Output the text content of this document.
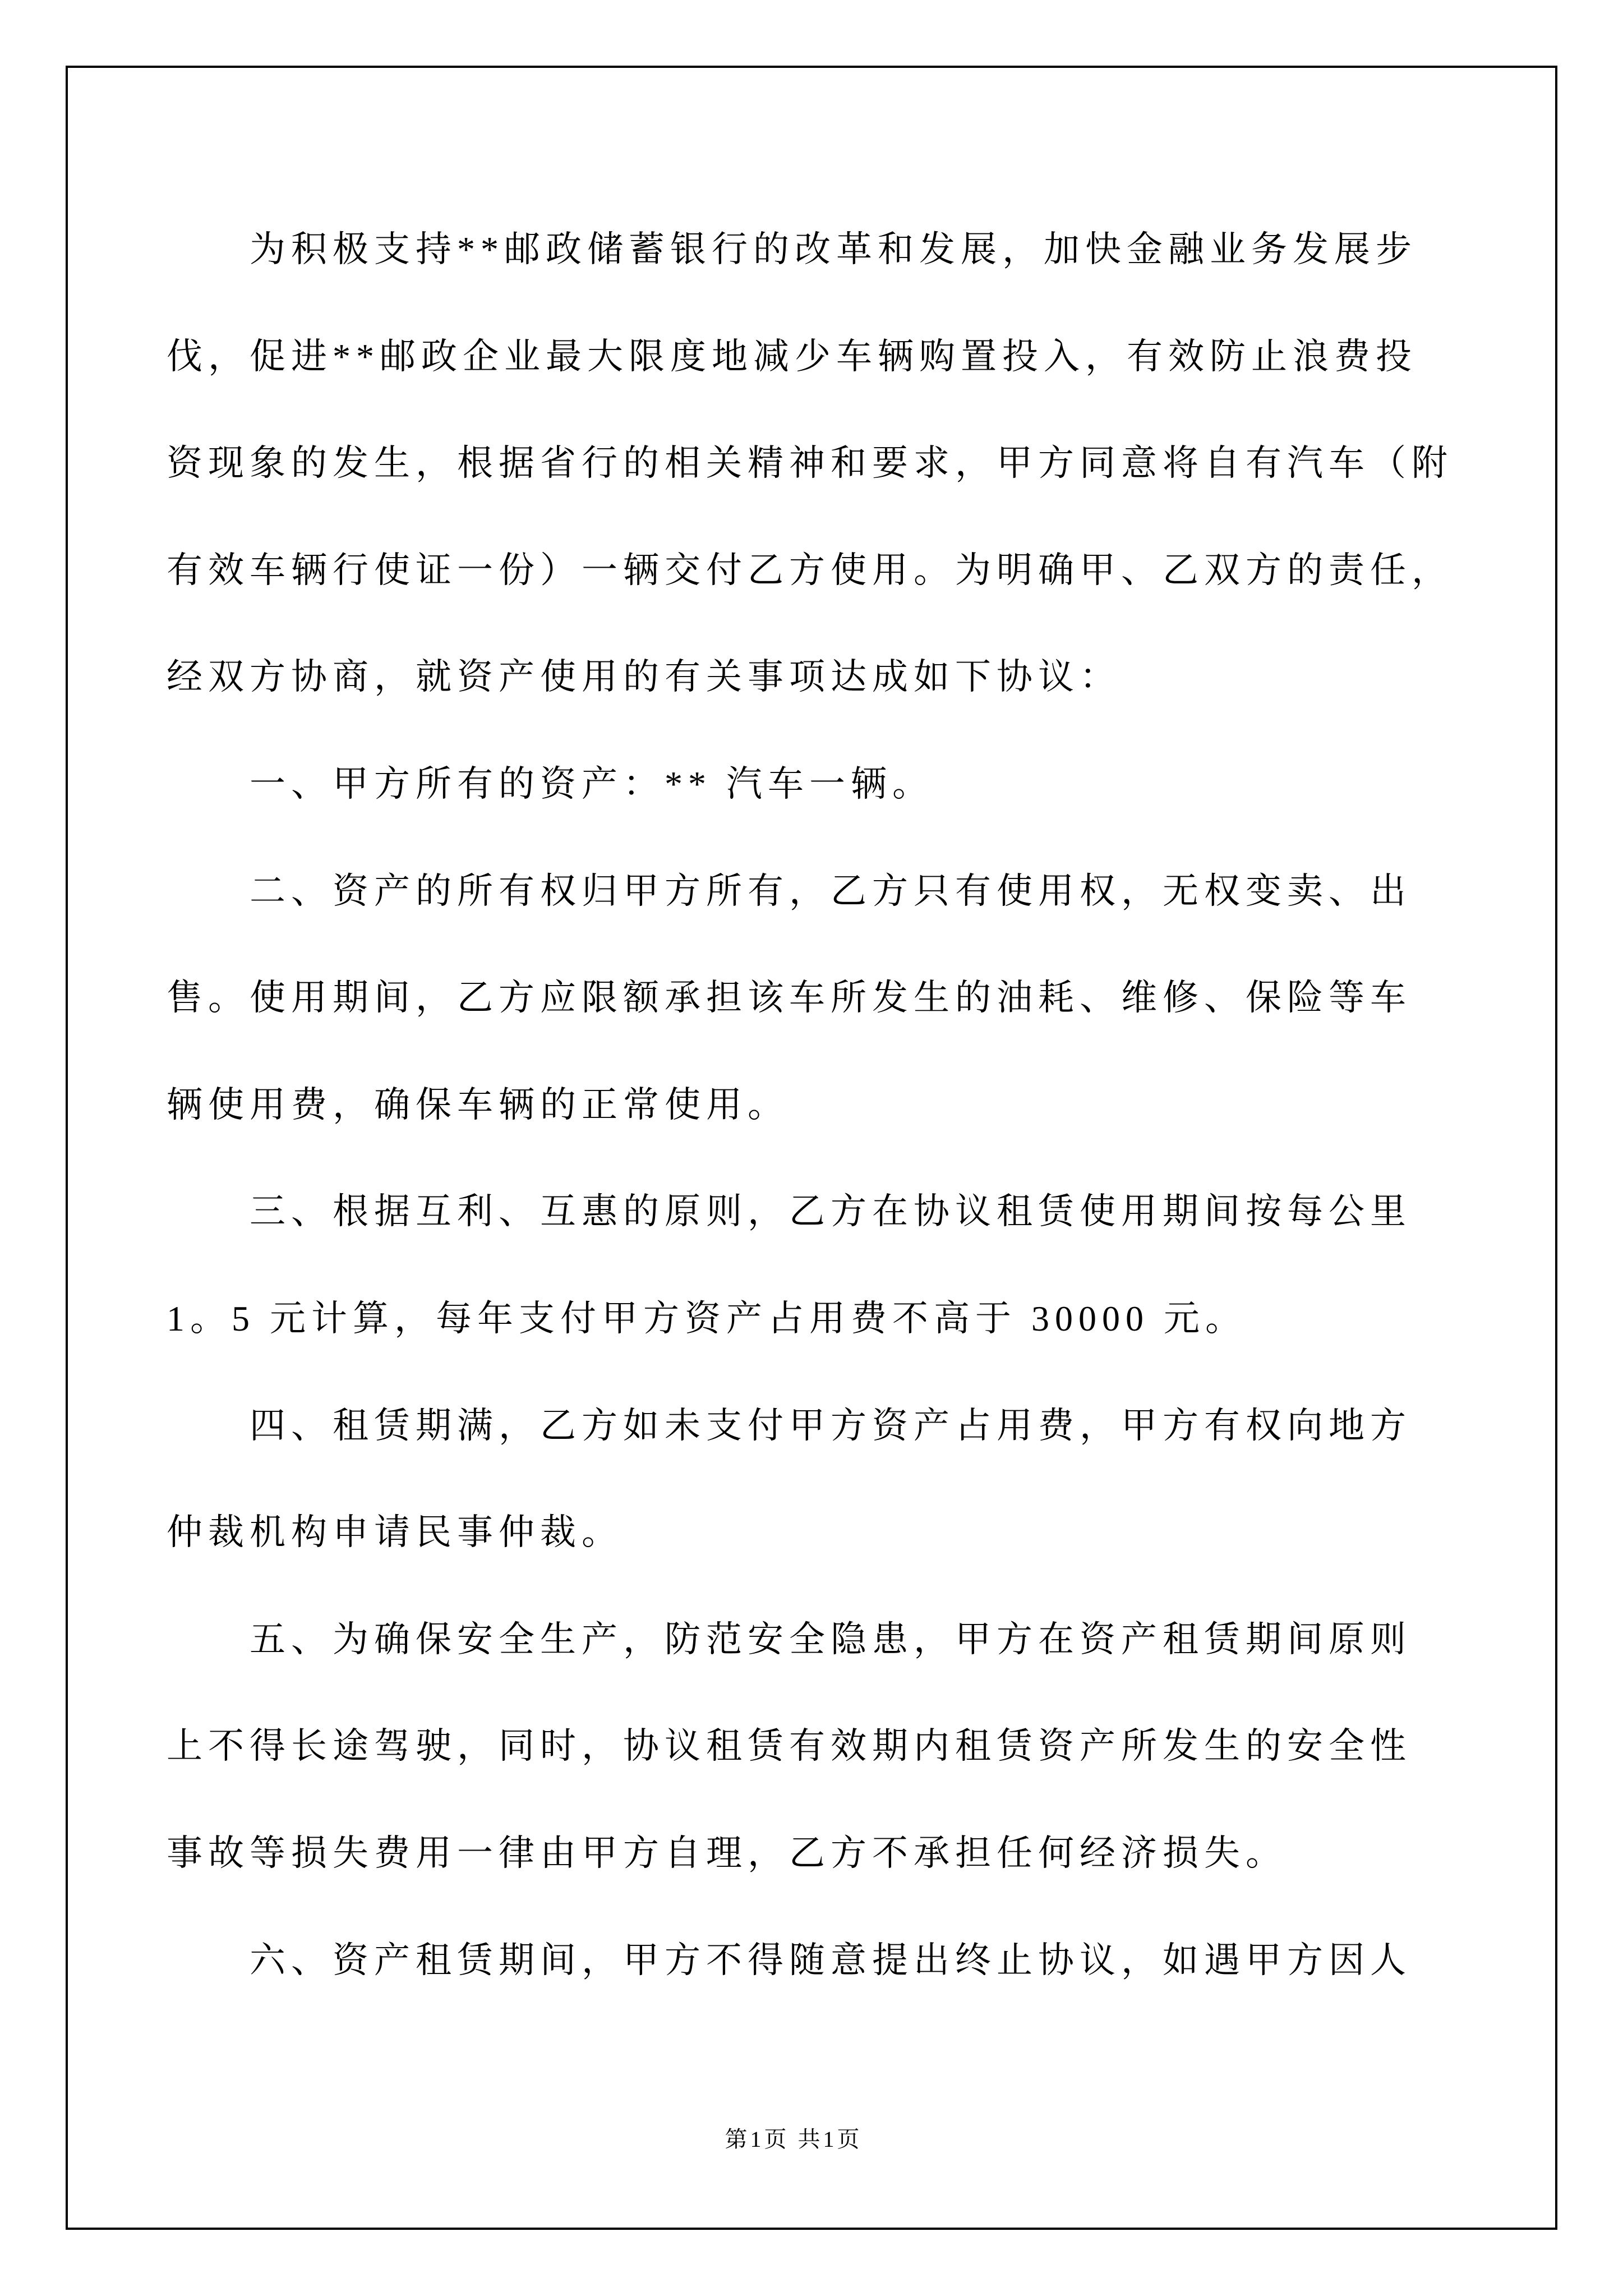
为积极支持**邮政储蓄银行的改革和发展，加快金融业务发展步
伐，促进**邮政企业最大限度地减少车辆购置投入，有效防止浪费投
资现象的发生，根据省行的相关精神和要求，甲方同意将自有汽车（附
有效车辆行使证一份）一辆交付乙方使用。为明确甲、乙双方的责任，
经双方协商，就资产使用的有关事项达成如下协议：
一、甲方所有的资产：** 汽车一辆。
二、资产的所有权归甲方所有，乙方只有使用权，无权变卖、出
售。使用期间，乙方应限额承担该车所发生的油耗、维修、保险等车
辆使用费，确保车辆的正常使用。
三、根据互利、互惠的原则，乙方在协议租赁使用期间按每公里
1。5 元计算，每年支付甲方资产占用费不高于 30000 元。
四、租赁期满，乙方如未支付甲方资产占用费，甲方有权向地方
仲裁机构申请民事仲裁。
五、为确保安全生产，防范安全隐患，甲方在资产租赁期间原则
上不得长途驾驶，同时，协议租赁有效期内租赁资产所发生的安全性
事故等损失费用一律由甲方自理，乙方不承担任何经济损失。
六、资产租赁期间，甲方不得随意提出终止协议，如遇甲方因人
第1页 共1页
